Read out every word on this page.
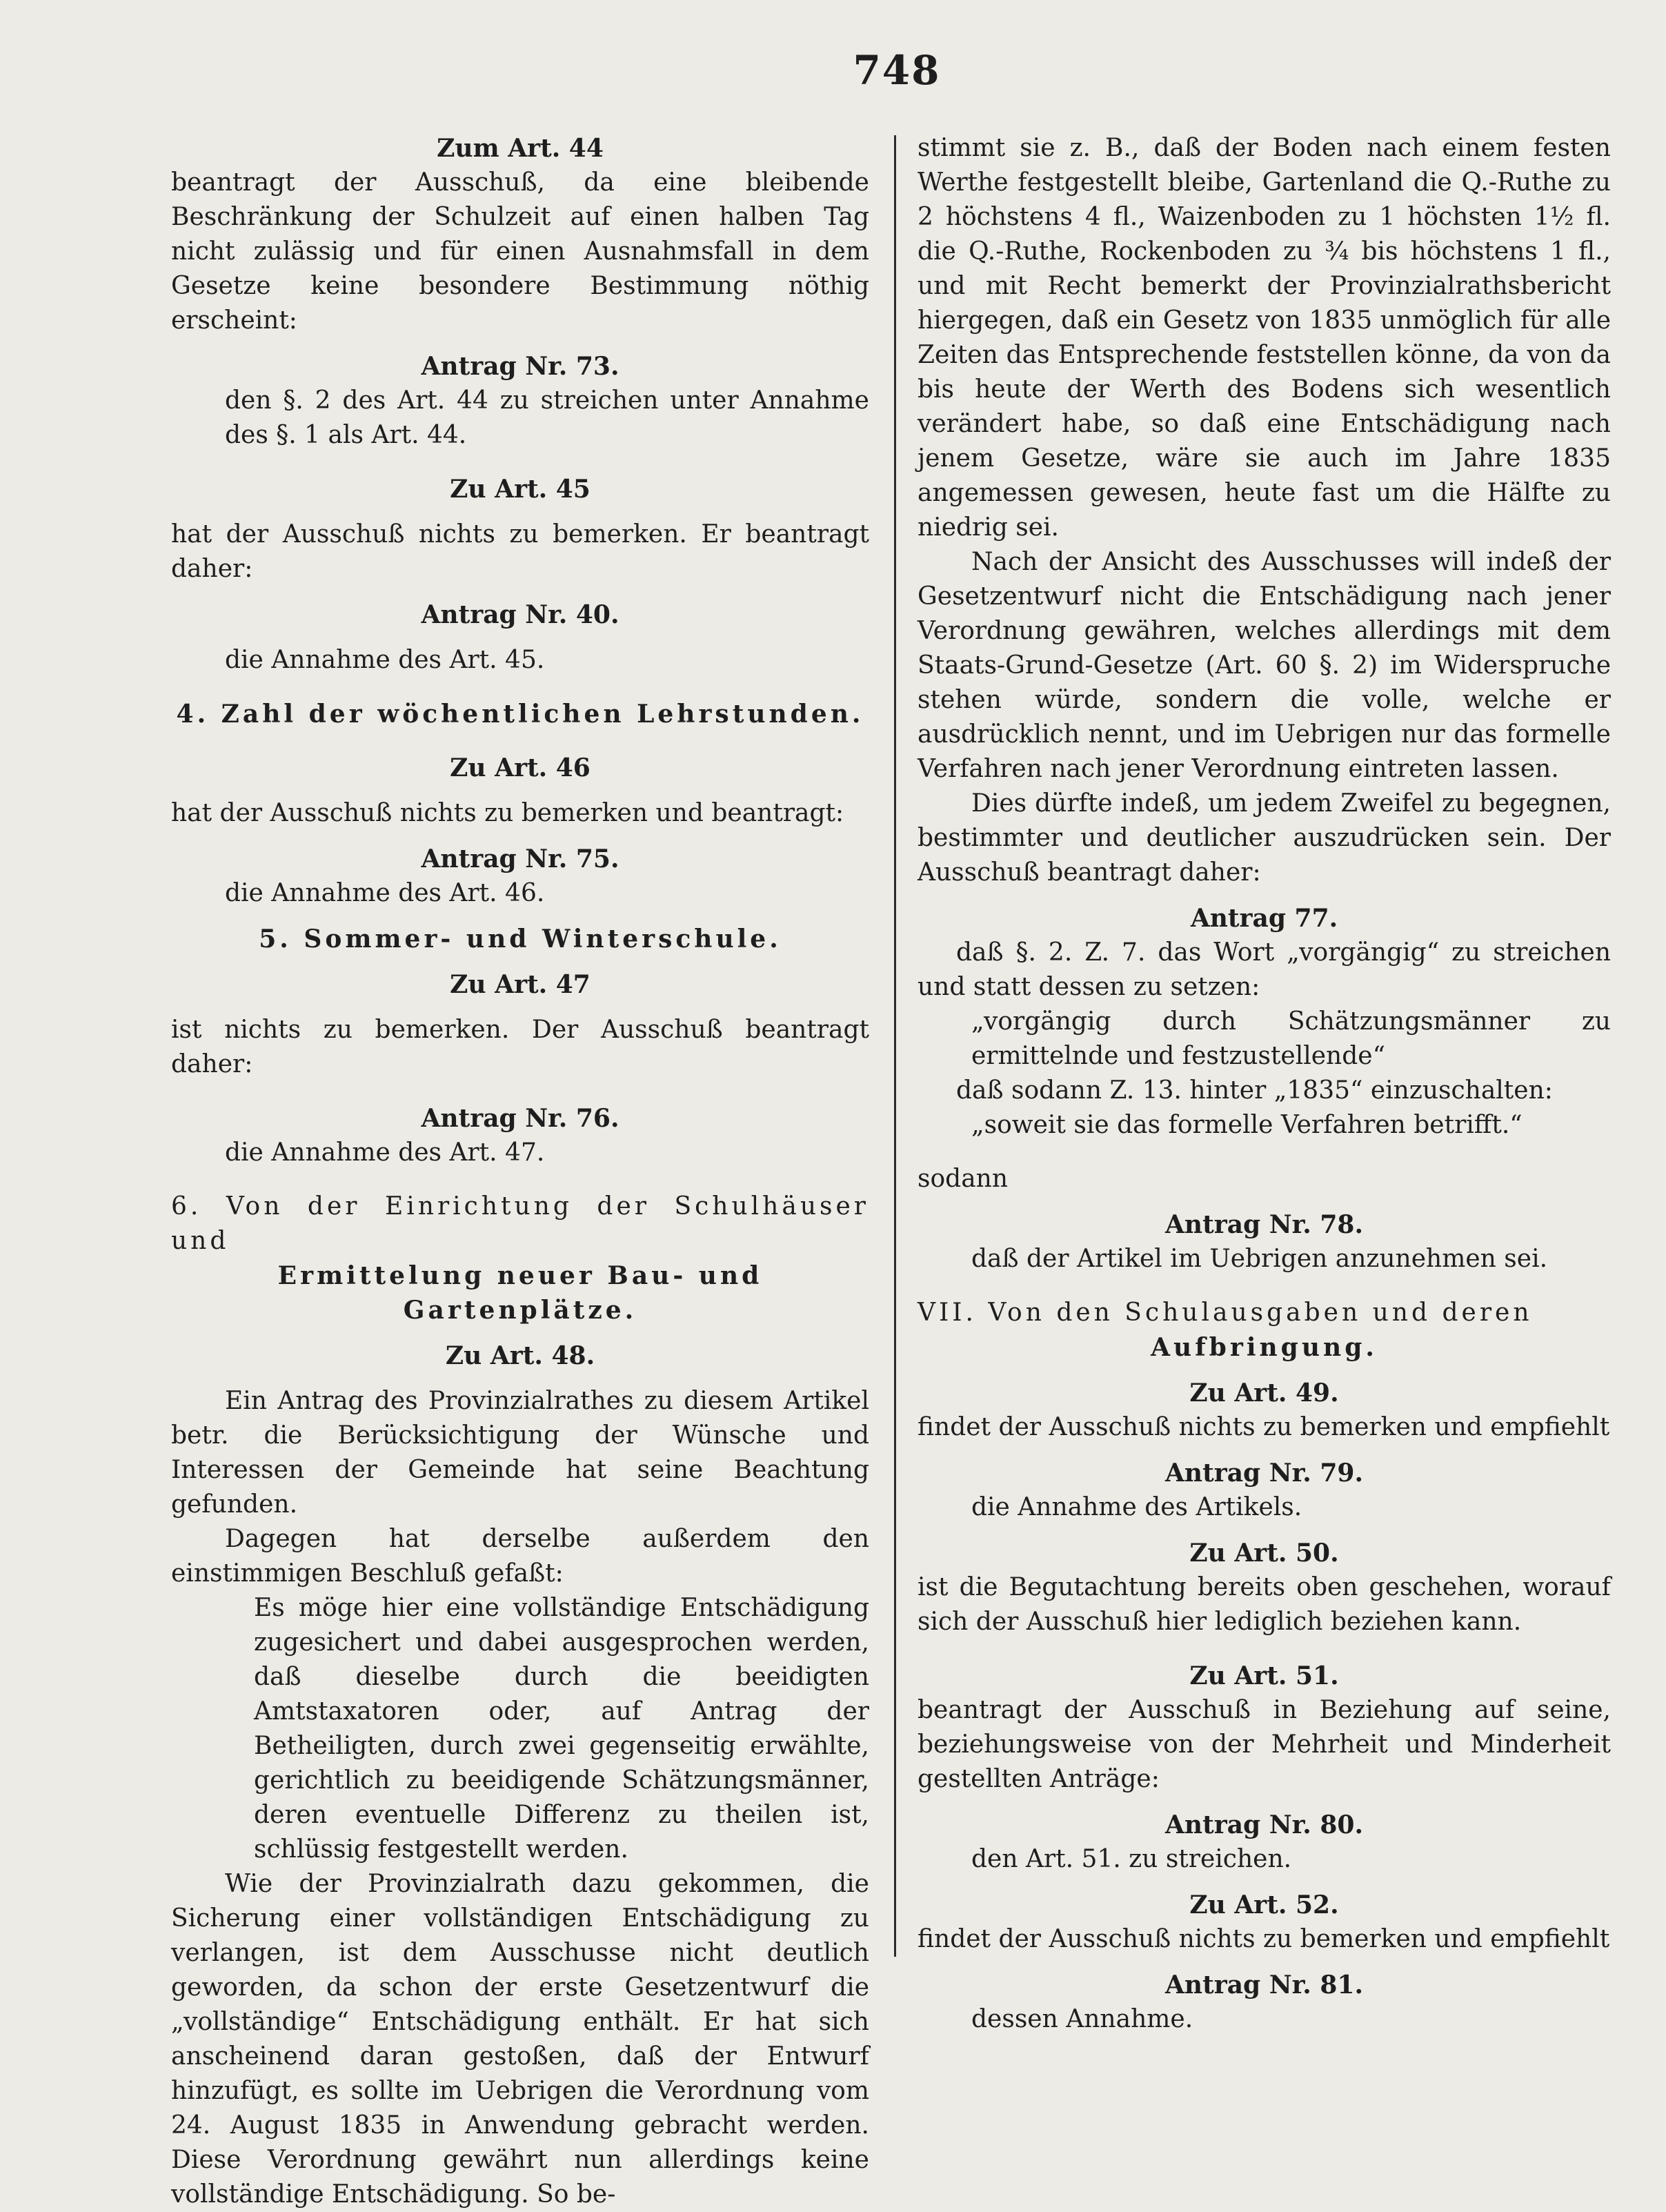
748

Zum Art. 44

beantragt der Ausschuß, da eine bleibende Beschränkung der Schulzeit auf einen halben Tag nicht zulässig und für einen Ausnahmsfall in dem Gesetze keine besondere Bestimmung nöthig erscheint:

Antrag Nr. 73.

den §. 2 des Art. 44 zu streichen unter Annahme des §. 1 als Art. 44.

Zu Art. 45

hat der Ausschuß nichts zu bemerken. Er beantragt daher:

Antrag Nr. 40.

die Annahme des Art. 45.

4. Zahl der wöchentlichen Lehrstunden.

Zu Art. 46

hat der Ausschuß nichts zu bemerken und beantragt:

Antrag Nr. 75.

die Annahme des Art. 46.

5. Sommer- und Winterschule.

Zu Art. 47

ist nichts zu bemerken. Der Ausschuß beantragt daher:

Antrag Nr. 76.

die Annahme des Art. 47.

6. Von der Einrichtung der Schulhäuser und

Ermittelung neuer Bau- und Gartenplätze.

Zu Art. 48.

Ein Antrag des Provinzialrathes zu diesem Artikel betr. die Berücksichtigung der Wünsche und Interessen der Gemeinde hat seine Beachtung gefunden.

Dagegen hat derselbe außerdem den einstimmigen Beschluß gefaßt:

Es möge hier eine vollständige Entschädigung zugesichert und dabei ausgesprochen werden, daß dieselbe durch die beeidigten Amtstaxatoren oder, auf Antrag der Betheiligten, durch zwei gegenseitig erwählte, gerichtlich zu beeidigende Schätzungsmänner, deren eventuelle Differenz zu theilen ist, schlüssig festgestellt werden.

Wie der Provinzialrath dazu gekommen, die Sicherung einer vollständigen Entschädigung zu verlangen, ist dem Ausschusse nicht deutlich geworden, da schon der erste Gesetzentwurf die „vollständige“ Entschädigung enthält. Er hat sich anscheinend daran gestoßen, daß der Entwurf hinzufügt, es sollte im Uebrigen die Verordnung vom 24. August 1835 in Anwendung gebracht werden. Diese Verordnung gewährt nun allerdings keine vollständige Entschädigung. So be-

stimmt sie z. B., daß der Boden nach einem festen Werthe festgestellt bleibe, Gartenland die Q.-Ruthe zu 2 höchstens 4 fl., Waizenboden zu 1 höchsten 1½ fl. die Q.-Ruthe, Rockenboden zu ¾ bis höchstens 1 fl., und mit Recht bemerkt der Provinzialrathsbericht hiergegen, daß ein Gesetz von 1835 unmöglich für alle Zeiten das Entsprechende feststellen könne, da von da bis heute der Werth des Bodens sich wesentlich verändert habe, so daß eine Entschädigung nach jenem Gesetze, wäre sie auch im Jahre 1835 angemessen gewesen, heute fast um die Hälfte zu niedrig sei.

Nach der Ansicht des Ausschusses will indeß der Gesetzentwurf nicht die Entschädigung nach jener Verordnung gewähren, welches allerdings mit dem Staats-Grund-Gesetze (Art. 60 §. 2) im Widerspruche stehen würde, sondern die volle, welche er ausdrücklich nennt, und im Uebrigen nur das formelle Verfahren nach jener Verordnung eintreten lassen.

Dies dürfte indeß, um jedem Zweifel zu begegnen, bestimmter und deutlicher auszudrücken sein. Der Ausschuß beantragt daher:

Antrag 77.

daß §. 2. Z. 7. das Wort „vorgängig“ zu streichen und statt dessen zu setzen:

„vorgängig durch Schätzungsmänner zu ermittelnde und festzustellende“

daß sodann Z. 13. hinter „1835“ einzuschalten:

„soweit sie das formelle Verfahren betrifft.“

sodann

Antrag Nr. 78.

daß der Artikel im Uebrigen anzunehmen sei.

VII. Von den Schulausgaben und deren

Aufbringung.

Zu Art. 49.

findet der Ausschuß nichts zu bemerken und empfiehlt

Antrag Nr. 79.

die Annahme des Artikels.

Zu Art. 50.

ist die Begutachtung bereits oben geschehen, worauf sich der Ausschuß hier lediglich beziehen kann.

Zu Art. 51.

beantragt der Ausschuß in Beziehung auf seine, beziehungsweise von der Mehrheit und Minderheit gestellten Anträge:

Antrag Nr. 80.

den Art. 51. zu streichen.

Zu Art. 52.

findet der Ausschuß nichts zu bemerken und empfiehlt

Antrag Nr. 81.

dessen Annahme.
